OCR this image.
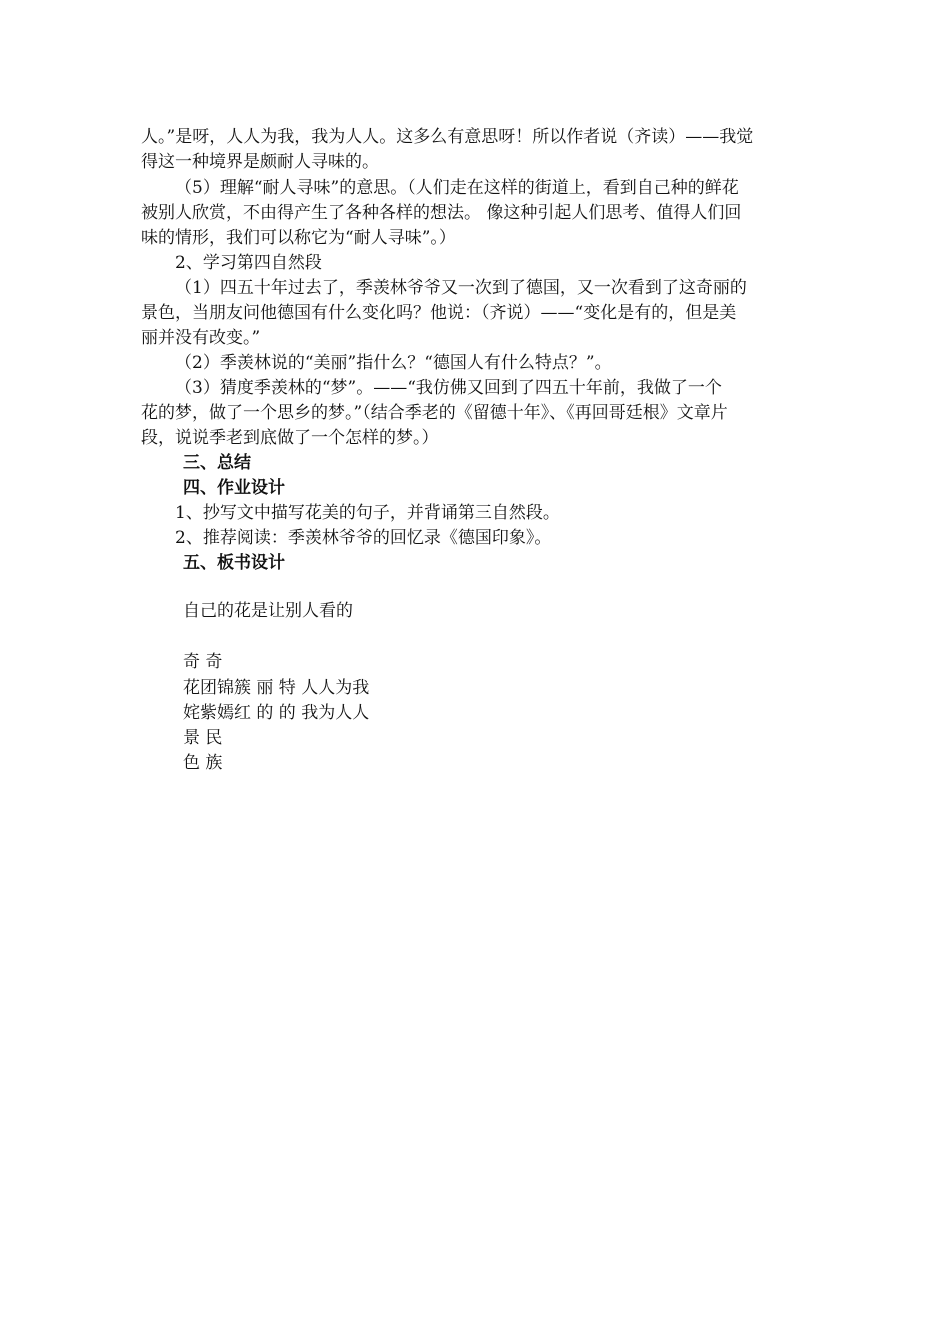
人。”是呀，人人为我，我为人人。这多么有意思呀！所以作者说（齐读）——我觉

得这一种境界是颇耐人寻味的。

（5）理解“耐人寻味”的意思。（人们走在这样的街道上，看到自己种的鲜花

被别人欣赏，不由得产生了各种各样的想法。 像这种引起人们思考、值得人们回

味的情形，我们可以称它为“耐人寻味”。）

2、学习第四自然段

（1）四五十年过去了，季羡林爷爷又一次到了德国，又一次看到了这奇丽的

景色，当朋友问他德国有什么变化吗？他说：（齐说）——“变化是有的，但是美

丽并没有改变。”

（2）季羡林说的“美丽”指什么？“德国人有什么特点？”。

（3）猜度季羡林的“梦”。——“我仿佛又回到了四五十年前，我做了一个

花的梦，做了一个思乡的梦。”（结合季老的《留德十年》、《再回哥廷根》文章片

段，说说季老到底做了一个怎样的梦。）

三、总结

四、作业设计

1、抄写文中描写花美的句子，并背诵第三自然段。

2、推荐阅读：季羡林爷爷的回忆录《德国印象》。

五、板书设计

自己的花是让别人看的

奇 奇

花团锦簇 丽 特 人人为我

姹紫嫣红 的 的 我为人人

景 民

色 族
